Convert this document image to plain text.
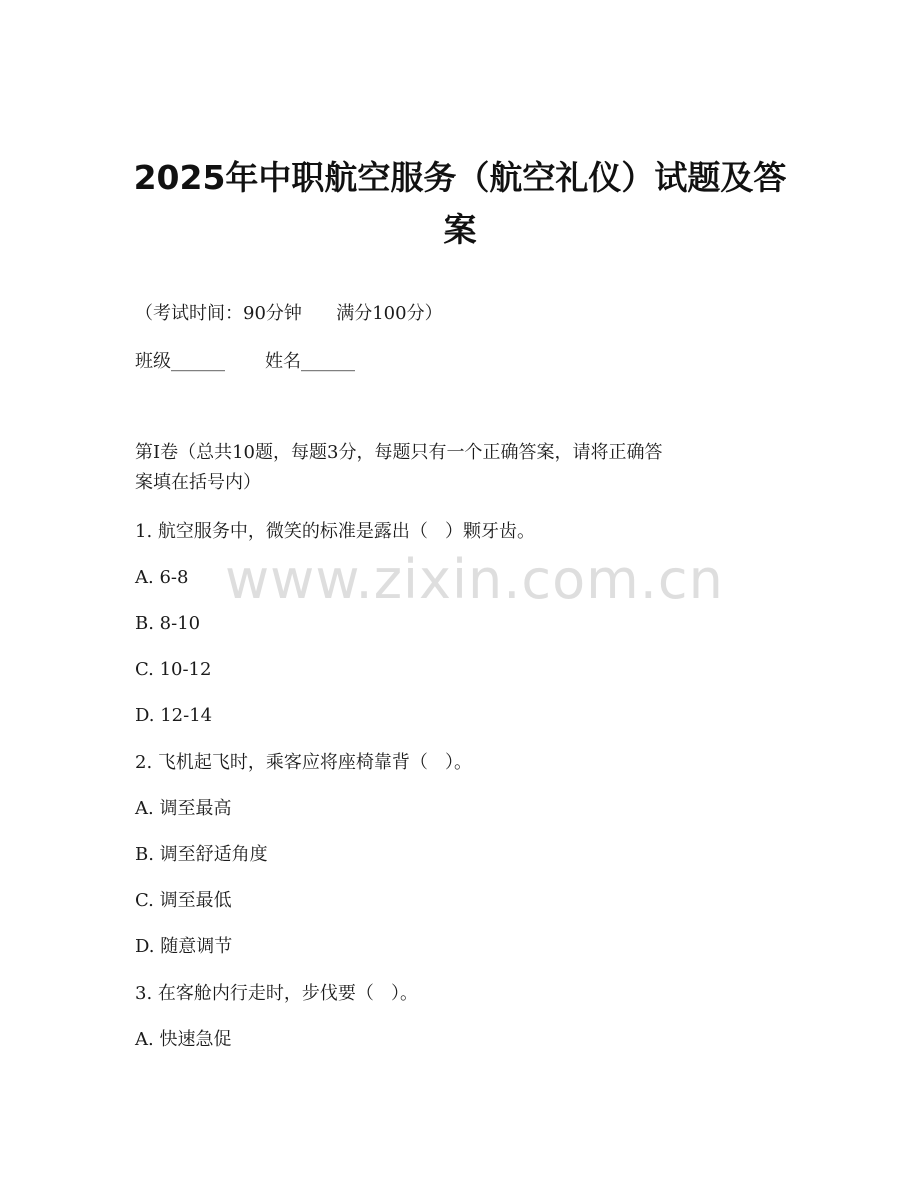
2025年中职航空服务（航空礼仪）试题及答
案
（考试时间：90分钟      满分100分）
班级______       姓名______
第I卷（总共10题，每题3分，每题只有一个正确答案，请将正确答
案填在括号内）
1. 航空服务中，微笑的标准是露出（   ）颗牙齿。
A. 6-8
B. 8-10
C. 10-12
D. 12-14
2. 飞机起飞时，乘客应将座椅靠背（   ）。
A. 调至最高
B. 调至舒适角度
C. 调至最低
D. 随意调节
3. 在客舱内行走时，步伐要（   ）。
A. 快速急促
www.zixin.com.cn
